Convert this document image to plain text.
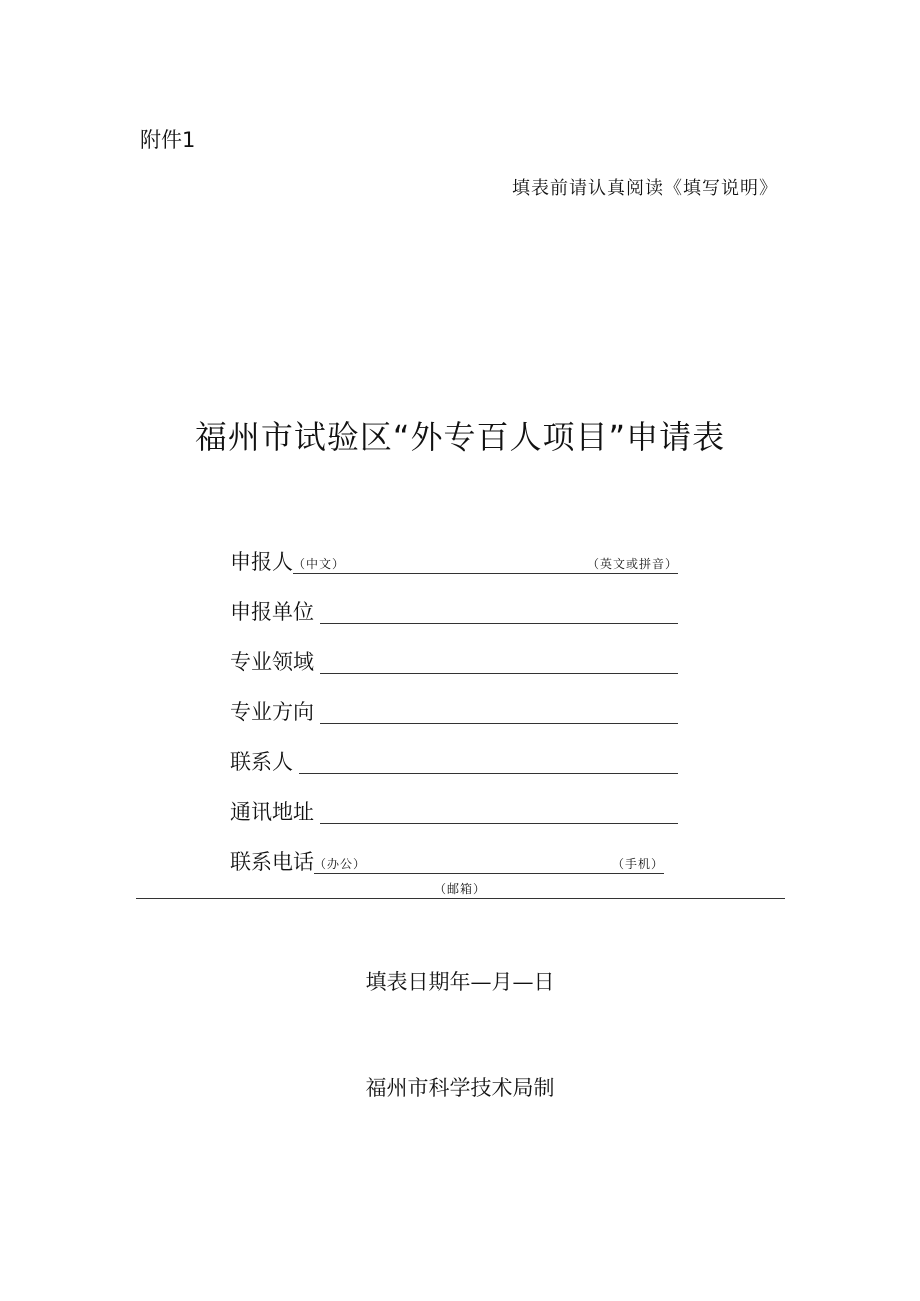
附件1
填表前请认真阅读《填写说明》
福州市试验区“外专百人项目”申请表
申报人 （中文）	（英文或拼音）
申报单位
专业领域
专业方向
联系人
通讯地址
联系电话 （办公）	（手机）
（邮箱）
填表日期年—月—日
福州市科学技术局制
